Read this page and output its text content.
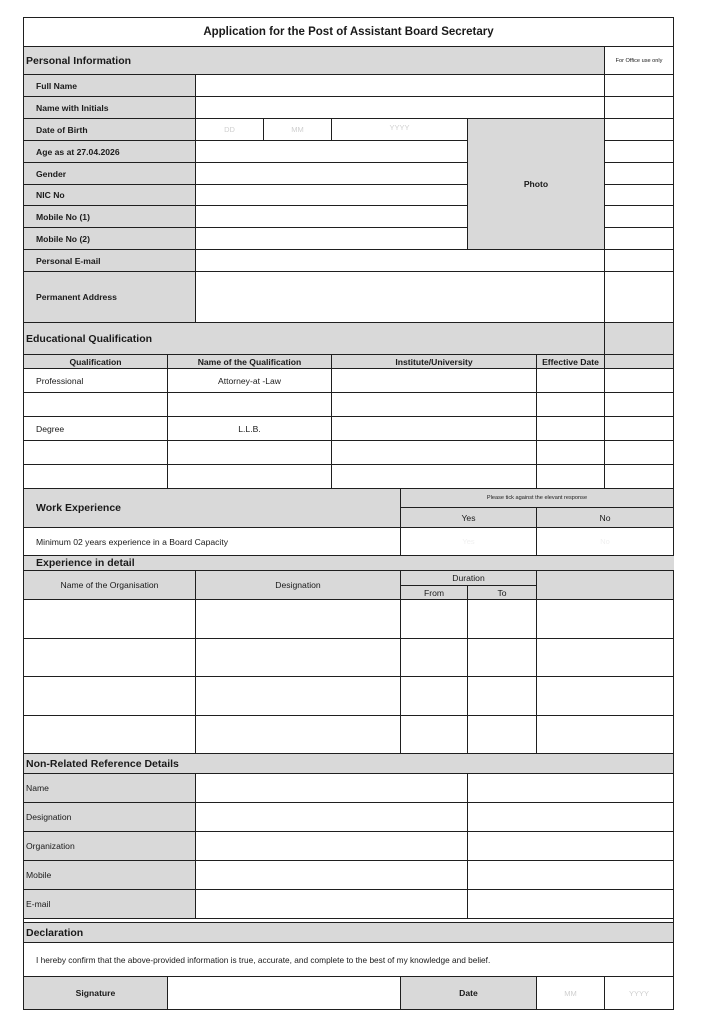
Application for the Post of Assistant Board Secretary
Personal Information	For Office use only
Full Name
Name with Initials
Date of Birth	DD	MM	YYYY
Photo
Age as at 27.04.2026
Gender
NIC No
Mobile No (1)
Mobile No (2)
Personal E-mail
Permanent Address
Educational Qualification
Qualification	Name of the Qualification	Institute/University	Effective Date
Professional	Attorney-at -Law
Degree	L.L.B.
Work Experience
Please tick against the elevant response
Yes	No
Minimum 02 years experience in a Board Capacity	Yes	No
Experience in detail
Name of the Organisation	Designation
Duration
From	To
Non-Related Reference Details
Name
Designation
Organization
Mobile
E-mail
Declaration
I hereby confirm that the above-provided information is true, accurate, and complete to the best of my knowledge and belief.
Signature	Date	MM	YYYY
